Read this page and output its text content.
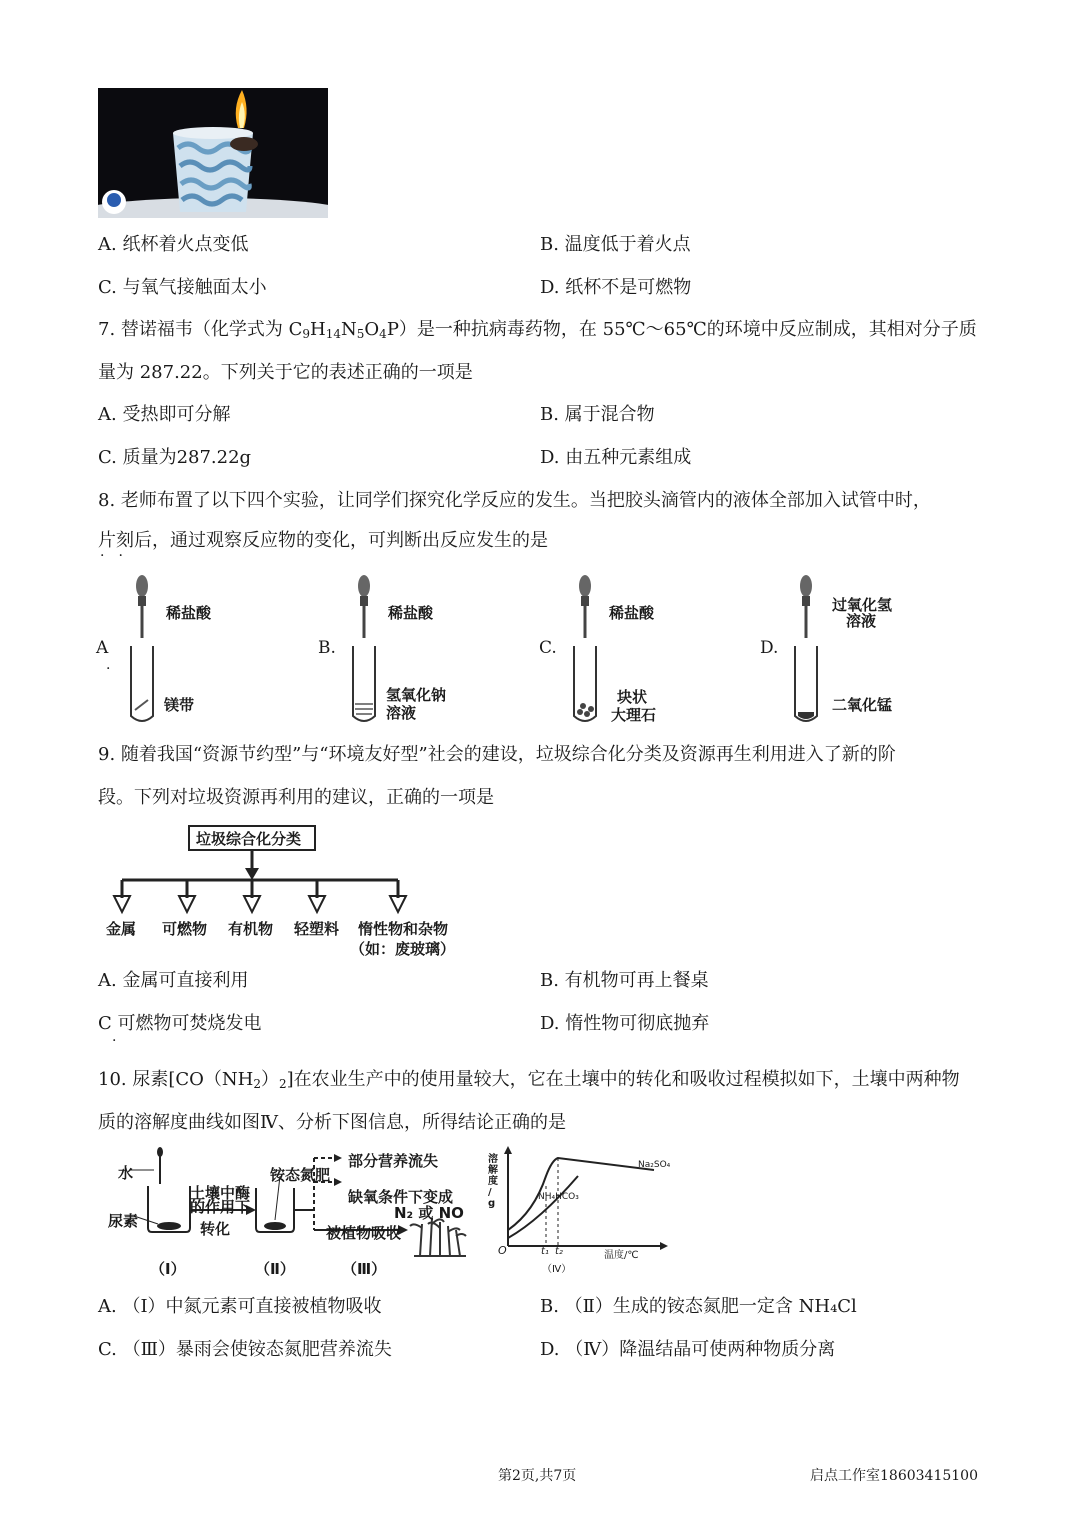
A. 纸杯着火点变低	B. 温度低于着火点
C. 与氧气接触面太小	D. 纸杯不是可燃物
7. 替诺福韦（化学式为 $C_9H_{14}N_5O_4P$）是一种抗病毒药物，在 55℃～65℃的环境中反应制成，其相对分子质
量为 287.22。下列关于它的表述正确的一项是
A. 受热即可分解	B. 属于混合物
C. 质量为287.22g	D. 由五种元素组成
8. 老师布置了以下四个实验，让同学们探究化学反应的发生。当把胶头滴管内的液体全部加入试管中时，
片刻后，通过观察反应物的变化，可判断出反应发生的是
··
A
·
稀盐酸
镁带
B.
稀盐酸
氢氧化钠
溶液
C.
稀盐酸
块状
大理石
D.
过氧化氢
溶液
二氧化锰
9. 随着我国“资源节约型”与“环境友好型”社会的建设，垃圾综合化分类及资源再生利用进入了新的阶
段。下列对垃圾资源再利用的建议，正确的一项是
垃圾综合化分类
金属 可燃物 有机物 轻塑料 惰性物和杂物
（如：废玻璃）
A. 金属可直接利用	B. 有机物可再上餐桌
C 可燃物可焚烧发电
·
D. 惰性物可彻底抛弃
10. 尿素$[CO(NH_2)_2]$在农业生产中的使用量较大，它在土壤中的转化和吸收过程模拟如下，土壤中两种物
质的溶解度曲线如图Ⅳ、分析下图信息，所得结论正确的是
水
尿素
土壤中酶
的作用下
转化
铵态氮肥
部分营养流失
缺氧条件下变成
N₂ 或 NO
被植物吸收
（Ⅰ）	（Ⅱ）	（Ⅲ）
溶
解
度
/
g
O	t₁ t₂	温度/℃
Na₂SO₄
NH₄HCO₃
（Ⅳ）
A. （Ⅰ）中氮元素可直接被植物吸收	B. （Ⅱ）生成的铵态氮肥一定含 NH₄Cl
C. （Ⅲ）暴雨会使铵态氮肥营养流失	D. （Ⅳ）降温结晶可使两种物质分离
第2页,共7页	启点工作室18603415100
